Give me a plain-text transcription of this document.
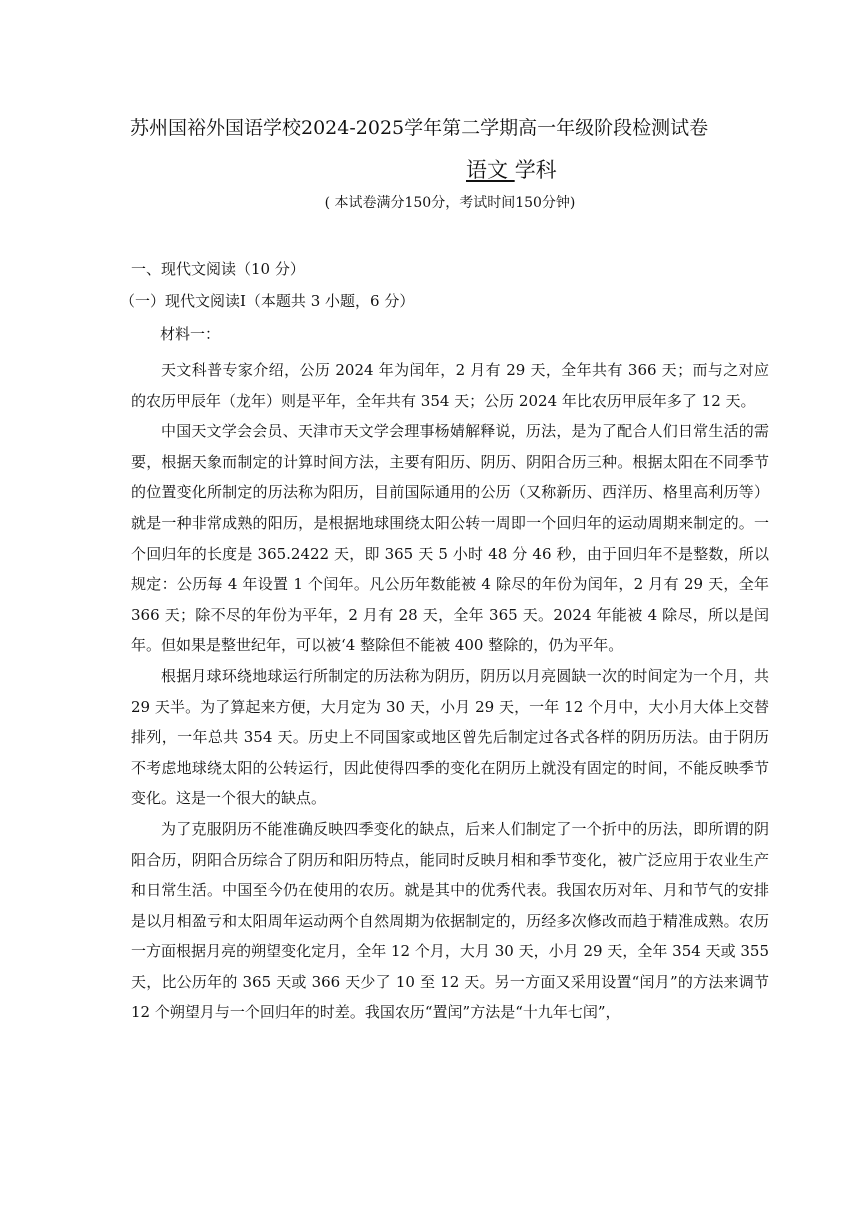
苏州国裕外国语学校2024-2025学年第二学期高一年级阶段检测试卷
语文 学科
( 本试卷满分150分，考试时间150分钟)
一、现代文阅读（10 分）
（一）现代文阅读Ⅰ（本题共 3 小题，6 分）
材料一：

天文科普专家介绍，公历 2024 年为闰年，2 月有 29 天，全年共有 366 天；而与之对应的农历甲辰年（龙年）则是平年，全年共有 354 天；公历 2024 年比农历甲辰年多了 12 天。

中国天文学会会员、天津市天文学会理事杨婧解释说，历法，是为了配合人们日常生活的需要，根据天象而制定的计算时间方法，主要有阳历、阴历、阴阳合历三种。根据太阳在不同季节的位置变化所制定的历法称为阳历，目前国际通用的公历（又称新历、西洋历、格里高利历等）就是一种非常成熟的阳历，是根据地球围绕太阳公转一周即一个回归年的运动周期来制定的。一个回归年的长度是 365.2422 天，即 365 天 5 小时 48 分 46 秒，由于回归年不是整数，所以规定：公历每 4 年设置 1 个闰年。凡公历年数能被 4 除尽的年份为闰年，2 月有 29 天，全年 366 天；除不尽的年份为平年，2 月有 28 天，全年 365 天。2024 年能被 4 除尽，所以是闰年。但如果是整世纪年，可以被‘4 整除但不能被 400 整除的，仍为平年。

根据月球环绕地球运行所制定的历法称为阴历，阴历以月亮圆缺一次的时间定为一个月，共 29 天半。为了算起来方便，大月定为 30 天，小月 29 天，一年 12 个月中，大小月大体上交替排列，一年总共 354 天。历史上不同国家或地区曾先后制定过各式各样的阴历历法。由于阴历不考虑地球绕太阳的公转运行，因此使得四季的变化在阴历上就没有固定的时间，不能反映季节变化。这是一个很大的缺点。

为了克服阴历不能准确反映四季变化的缺点，后来人们制定了一个折中的历法，即所谓的阴阳合历，阴阳合历综合了阴历和阳历特点，能同时反映月相和季节变化，被广泛应用于农业生产和日常生活。中国至今仍在使用的农历。就是其中的优秀代表。我国农历对年、月和节气的安排是以月相盈亏和太阳周年运动两个自然周期为依据制定的，历经多次修改而趋于精准成熟。农历一方面根据月亮的朔望变化定月，全年 12 个月，大月 30 天，小月 29 天，全年 354 天或 355 天，比公历年的 365 天或 366 天少了 10 至 12 天。另一方面又采用设置“闰月”的方法来调节 12 个朔望月与一个回归年的时差。我国农历“置闰”方法是“十九年七闰”，
